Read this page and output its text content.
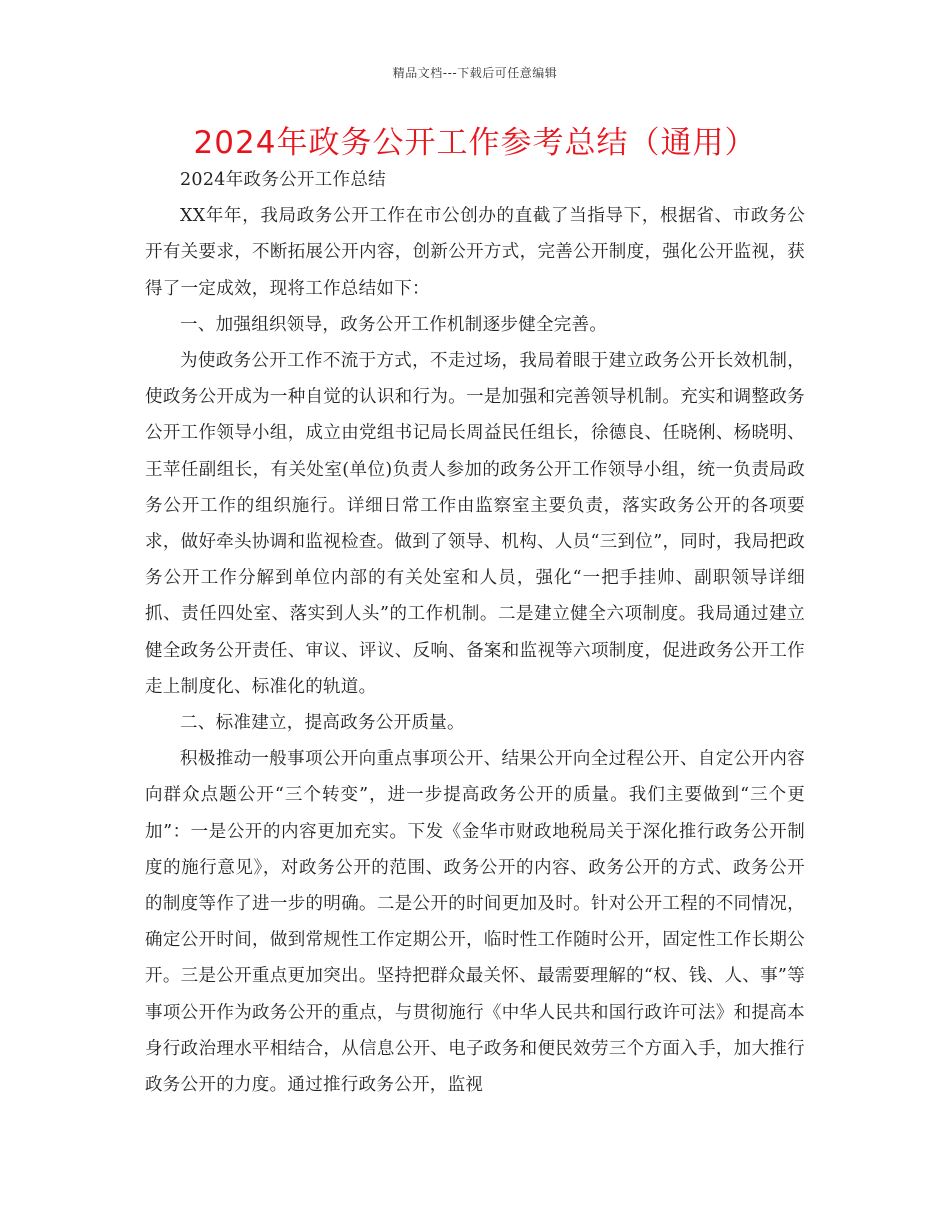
精品文档---下载后可任意编辑
2024年政务公开工作参考总结（通用）

2024年政务公开工作总结

XX年年，我局政务公开工作在市公创办的直截了当指导下，根据省、市政务公开有关要求，不断拓展公开内容，创新公开方式，完善公开制度，强化公开监视，获得了一定成效，现将工作总结如下：

一、加强组织领导，政务公开工作机制逐步健全完善。

为使政务公开工作不流于方式，不走过场，我局着眼于建立政务公开长效机制，使政务公开成为一种自觉的认识和行为。一是加强和完善领导机制。充实和调整政务公开工作领导小组，成立由党组书记局长周益民任组长，徐德良、任晓俐、杨晓明、王苹任副组长，有关处室(单位)负责人参加的政务公开工作领导小组，统一负责局政务公开工作的组织施行。详细日常工作由监察室主要负责，落实政务公开的各项要求，做好牵头协调和监视检查。做到了领导、机构、人员“三到位”，同时，我局把政务公开工作分解到单位内部的有关处室和人员，强化“一把手挂帅、副职领导详细抓、责任四处室、落实到人头”的工作机制。二是建立健全六项制度。我局通过建立健全政务公开责任、审议、评议、反响、备案和监视等六项制度，促进政务公开工作走上制度化、标准化的轨道。

二、标准建立，提高政务公开质量。

积极推动一般事项公开向重点事项公开、结果公开向全过程公开、自定公开内容向群众点题公开“三个转变”，进一步提高政务公开的质量。我们主要做到“三个更加”：一是公开的内容更加充实。下发《金华市财政地税局关于深化推行政务公开制度的施行意见》，对政务公开的范围、政务公开的内容、政务公开的方式、政务公开的制度等作了进一步的明确。二是公开的时间更加及时。针对公开工程的不同情况，确定公开时间，做到常规性工作定期公开，临时性工作随时公开，固定性工作长期公开。三是公开重点更加突出。坚持把群众最关怀、最需要理解的“权、钱、人、事”等事项公开作为政务公开的重点，与贯彻施行《中华人民共和国行政许可法》和提高本身行政治理水平相结合，从信息公开、电子政务和便民效劳三个方面入手，加大推行政务公开的力度。通过推行政务公开，监视
